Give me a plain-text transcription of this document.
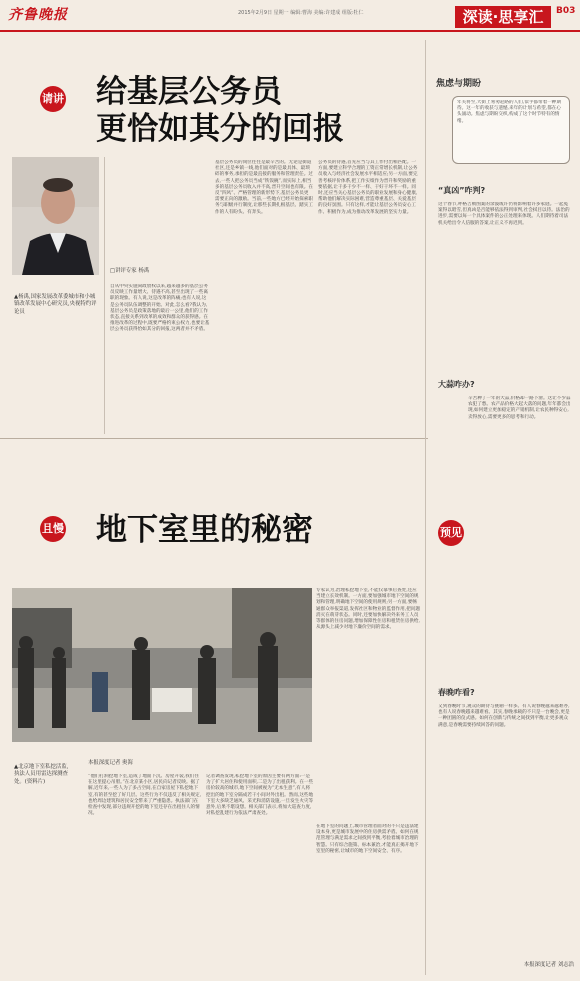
齐鲁晚报	2015年2月9日 星期一 编辑:曹海 美编:许建成 组版:牡仁	深读·思享汇	B03
请讲 给基层公务员
更恰如其分的回报
▲杨禹,国家发展改革委城市和小城镇改革发展中心研究员,央视特约评论员
□讲评专家 杨禹
自从中央实施简政放权以来,越来越多的基层公务员反映工作量增大、待遇不高,甚至出现了一些离职的现象。有人说,这是改革的阵痛;也有人说,这是公务员队伍调整的开始。对此,怎么看?我认为,基层公务员是政策落地的最后一公里,他们的工作状态,直接关系到改革的成效和群众的获得感。在推进改革的过程中,既要严格约束公权力,也要让基层公务员获得恰如其分的回报,这两者并不矛盾。
基层公务员的岗位往往是最辛苦的。无论是街道社区,还是乡镇一线,他们面对的是最具体、最琐碎的事务,承担的是最直接的服务和管理责任。过去,一些人把公务员当成“铁饭碗”,而实际上,相当多的基层公务员收入并不高,晋升空间也有限。在反“四风”、严格管理的新形势下,基层公务员更需要正向的激励。当前,一些地方已经开始探索职务与职级并行制度,让那些长期扎根基层、踏实工作的人有盼头、有奔头。
公务员的待遇,首先应当与其工作付出相匹配。一方面,要建立科学合理的工资正常增长机制,让公务员收入与经济社会发展水平相适应;另一方面,要完善考核评价体系,把工作实绩作为晋升和奖励的重要依据,让干多干少不一样、干好干坏不一样。同时,还应当关心基层公务员的职业发展和身心健康,帮助他们解决实际困难,营造尊重基层、关爱基层的良好氛围。只有这样,才能让基层公务员安心工作、积极作为,成为推动改革发展的坚实力量。
且慢 地下室里的秘密
▲北京地下室私挖活监,执法人员用雷达探测查处。(资料片)
本报深度记者 奥海
“他们打洞挖地下室,造成了地面下沉、房屋开裂,我们住在这里提心吊胆。”在北京某小区,居民向记者反映。据了解,近年来,一些人为了多占空间,在自家房屋下私挖地下室,有的甚至挖了好几层。这些行为不仅违反了相关规定,也给周边建筑和居民安全带来了严重隐患。执法部门在检查中发现,部分违规开挖的地下室还存在出租住人的情况。
记者调查发现,私挖地下室的原因主要有两方面:一是为了扩大居住和使用面积,二是为了出租获利。在一些房价较高的城市,地下空间被视为“无本生意”,有人将挖出的地下室分隔成若干小间对外出租。然而,这些地下室大多缺乏通风、采光和消防设施,一旦发生火灾等意外,后果不堪设想。相关部门表示,将加大巡查力度,对私挖乱建行为依法严肃查处。
专家认为,治理私挖地下室,不能仅靠事后查处,还应当建立长效机制。一方面,要加强城市地下空间的规划和管理,明确地下空间的使用规则;另一方面,要畅通群众举报渠道,发挥社区和物业的监督作用,把问题消灭在萌芽状态。同时,还要加快解决外来务工人员等群体的住房问题,增加保障性住房和租赁住房供给,从源头上减少对地下廉价空间的需求。
在地下室的问题上,城市管理者面对的不只是违法建设本身,更是城市发展中的住房供需矛盾。如何在规范管理与满足需求之间找到平衡,考验着城市治理的智慧。只有综合施策、标本兼治,才能真正揭开地下室里的秘密,让城市的地下空间安全、有序。
焦虑与期盼
年关将至,大街上匆匆赶路的人们,似乎都带着一种期待。这一年的收获与遗憾,来年的计划与希望,都在心头涌动。焦虑与期盼交织,构成了这个时节特有的情绪。
“真凶”咋判?
这个春节,呼格吉勒图案的余波或许仍将影响着许多家庭。一起冤案得以昭雪,但真凶是否能够依法得到审判,社会拭目以待。法治的进步,需要以每一个具体案件的公正处理来体现。人们期待着司法机关给出令人信服的答案,让正义不再迟到。
大蒜咋办?
辛苦种了一年的大蒜,价格却一路下滑。这让不少蒜农犯了愁。农产品价格大起大落的问题,年年都会出现,如何建立更加稳定的产销机制,让农民种得安心,卖得放心,需要更多的思考和行动。
预见
春晚咋看?
又到春晚时节,观众的期待与挑剔一样多。有人说春晚越来越难办,也有人说春晚越来越难看。其实,春晚承载的不只是一台晚会,更是一种团圆的仪式感。如何在创新与传统之间找到平衡,让更多观众满意,是春晚需要持续回答的问题。
本报深度记者 刘志浩
